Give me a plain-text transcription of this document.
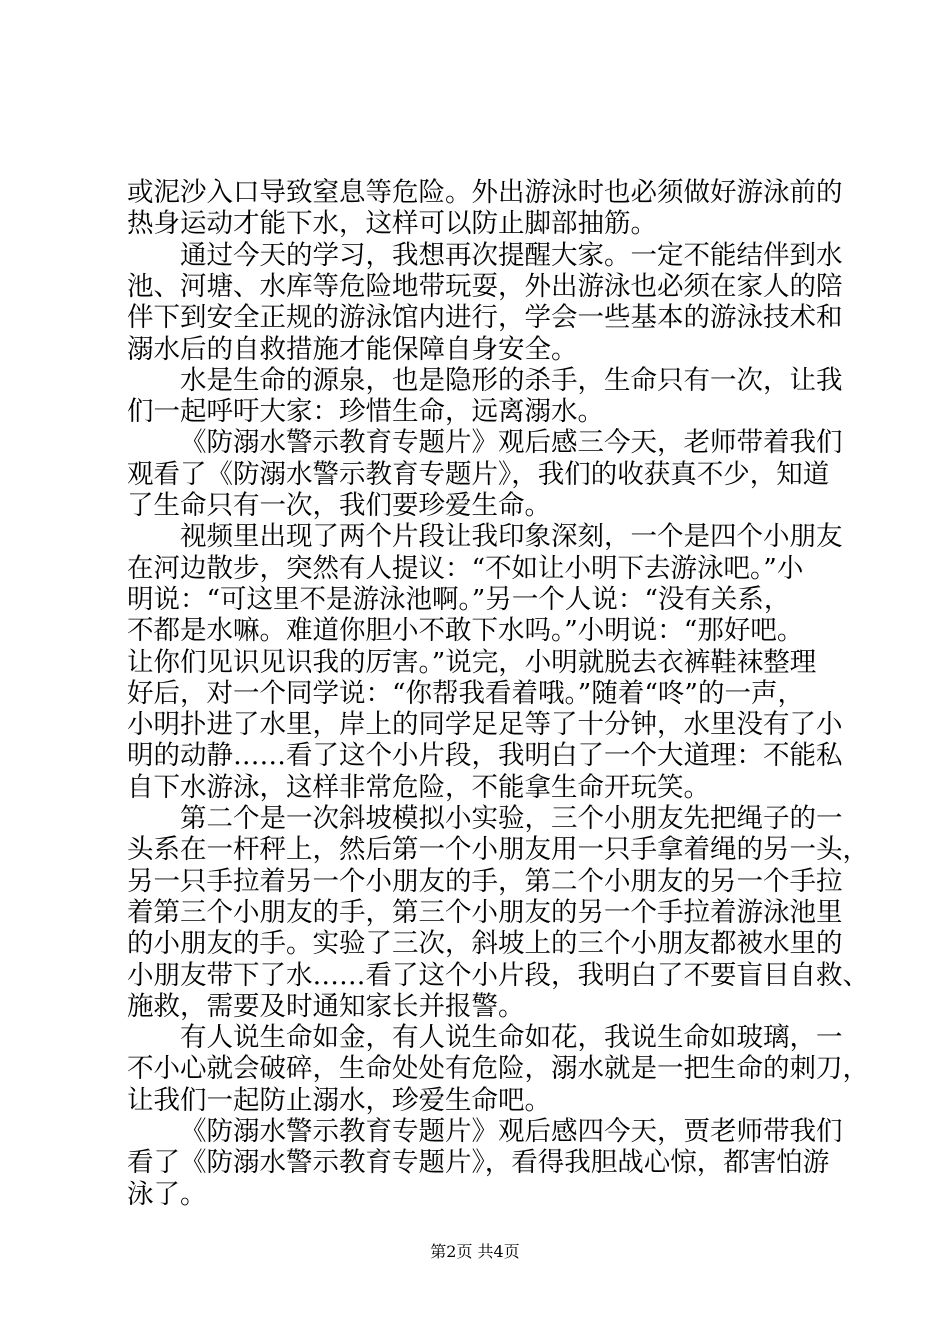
或泥沙入口导致窒息等危险。外出游泳时也必须做好游泳前的
热身运动才能下水，这样可以防止脚部抽筋。
通过今天的学习，我想再次提醒大家。一定不能结伴到水
池、河塘、水库等危险地带玩耍，外出游泳也必须在家人的陪
伴下到安全正规的游泳馆内进行，学会一些基本的游泳技术和
溺水后的自救措施才能保障自身安全。
水是生命的源泉，也是隐形的杀手，生命只有一次，让我
们一起呼吁大家：珍惜生命，远离溺水。
《防溺水警示教育专题片》观后感三今天，老师带着我们
观看了《防溺水警示教育专题片》，我们的收获真不少，知道
了生命只有一次，我们要珍爱生命。
视频里出现了两个片段让我印象深刻，一个是四个小朋友
在河边散步，突然有人提议：“不如让小明下去游泳吧。”小
明说：“可这里不是游泳池啊。”另一个人说：“没有关系，
不都是水嘛。难道你胆小不敢下水吗。”小明说：“那好吧。
让你们见识见识我的厉害。”说完，小明就脱去衣裤鞋袜整理
好后，对一个同学说：“你帮我看着哦。”随着“咚”的一声，
小明扑进了水里，岸上的同学足足等了十分钟，水里没有了小
明的动静……看了这个小片段，我明白了一个大道理：不能私
自下水游泳，这样非常危险，不能拿生命开玩笑。
第二个是一次斜坡模拟小实验，三个小朋友先把绳子的一
头系在一杆秤上，然后第一个小朋友用一只手拿着绳的另一头，
另一只手拉着另一个小朋友的手，第二个小朋友的另一个手拉
着第三个小朋友的手，第三个小朋友的另一个手拉着游泳池里
的小朋友的手。实验了三次，斜坡上的三个小朋友都被水里的
小朋友带下了水……看了这个小片段，我明白了不要盲目自救、
施救，需要及时通知家长并报警。
有人说生命如金，有人说生命如花，我说生命如玻璃，一
不小心就会破碎，生命处处有危险，溺水就是一把生命的刺刀，
让我们一起防止溺水，珍爱生命吧。
《防溺水警示教育专题片》观后感四今天，贾老师带我们
看了《防溺水警示教育专题片》，看得我胆战心惊，都害怕游
泳了。
第2页 共4页
